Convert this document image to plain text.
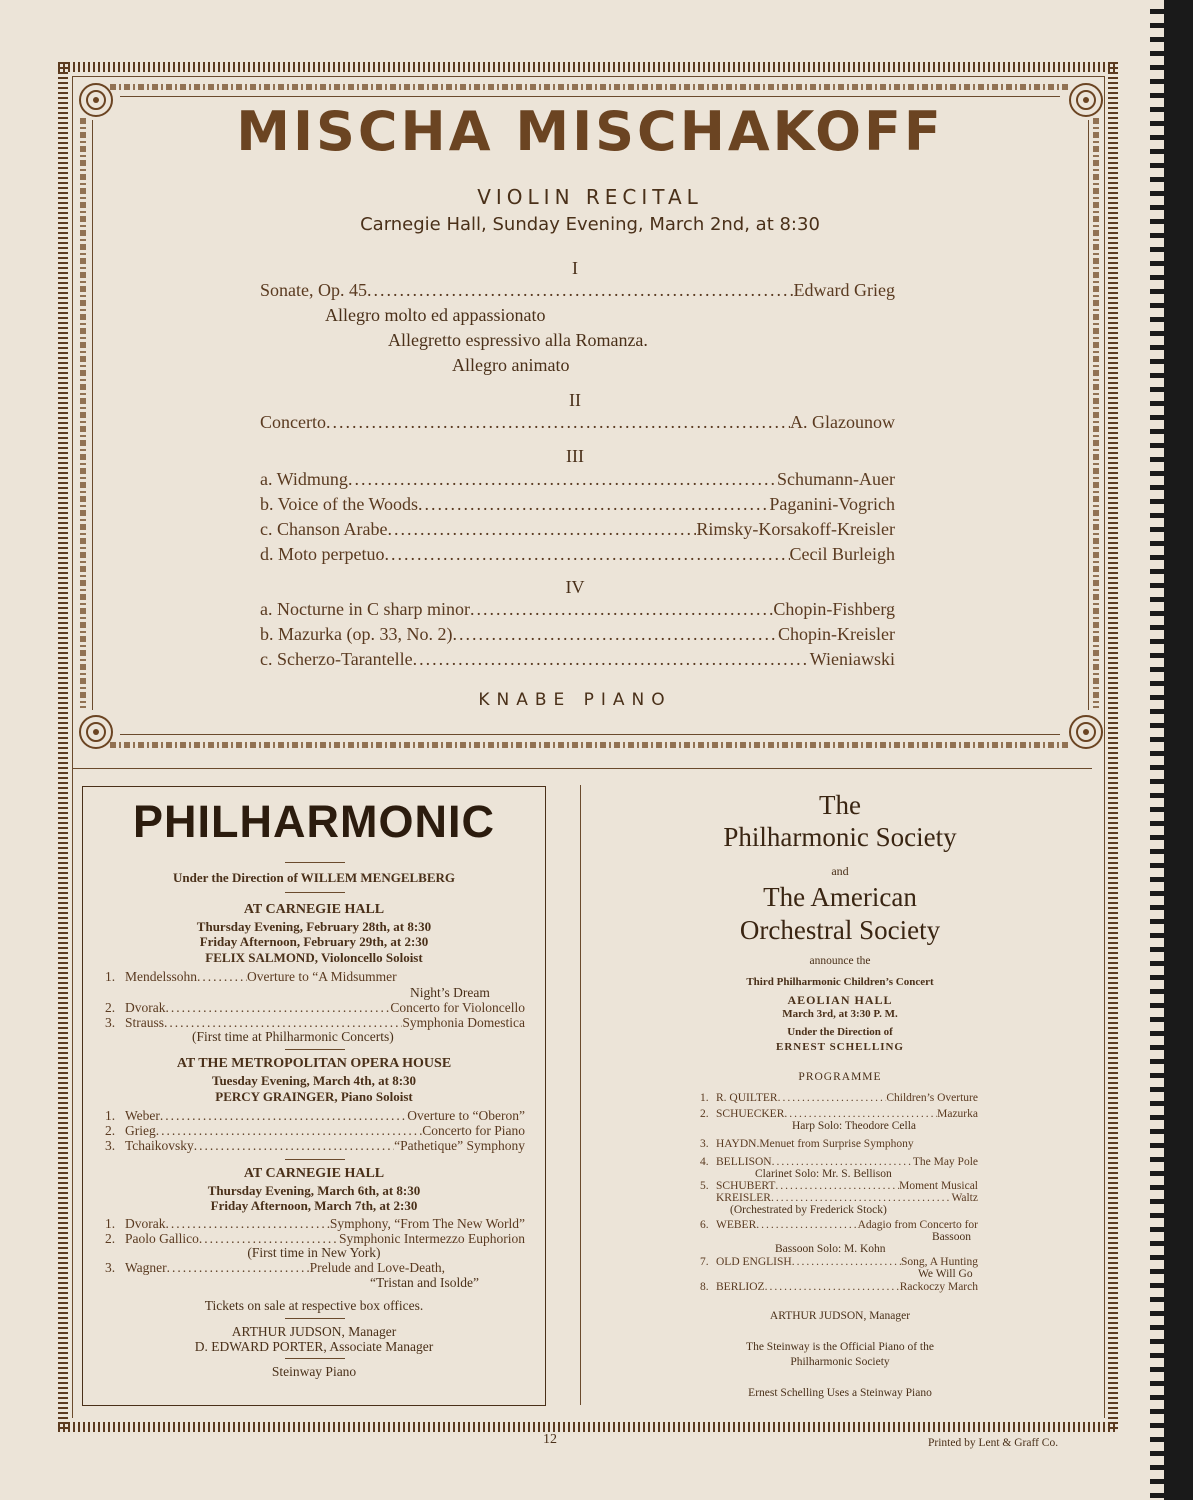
MISCHA MISCHAKOFF
VIOLIN RECITAL
Carnegie Hall, Sunday Evening, March 2nd, at 8:30
I
Sonate, Op. 45 .....	Edward Grieg
Allegro molto ed appassionato
Allegretto espressivo alla Romanza.
Allegro animato
II
Concerto .....	A. Glazounow
III
a. Widmung .....	Schumann-Auer
b. Voice of the Woods .....	Paganini-Vogrich
c. Chanson Arabe .....	Rimsky-Korsakoff-Kreisler
d. Moto perpetuo .....	Cecil Burleigh
IV
a. Nocturne in C sharp minor .....	Chopin-Fishberg
b. Mazurka (op. 33, No. 2) .....	Chopin-Kreisler
c. Scherzo-Tarantelle .....	Wieniawski
KNABE PIANO
PHILHARMONIC
Under the Direction of WILLEM MENGELBERG
AT CARNEGIE HALL
Thursday Evening, February 28th, at 8:30
Friday Afternoon, February 29th, at 2:30
FELIX SALMOND, Violoncello Soloist
1. Mendelssohn .....	Overture to “A Midsummer
Night’s Dream
2. Dvorak .....	Concerto for Violoncello
3. Strauss .....	Symphonia Domestica
(First time at Philharmonic Concerts)
AT THE METROPOLITAN OPERA HOUSE
Tuesday Evening, March 4th, at 8:30
PERCY GRAINGER, Piano Soloist
1. Weber .....	Overture to “Oberon”
2. Grieg .....	Concerto for Piano
3. Tchaikovsky .....	“Pathetique” Symphony
AT CARNEGIE HALL
Thursday Evening, March 6th, at 8:30
Friday Afternoon, March 7th, at 2:30
1. Dvorak .....	Symphony, “From The New World”
2. Paolo Gallico .....	Symphonic Intermezzo Euphorion
(First time in New York)
3. Wagner .....	Prelude and Love-Death,
“Tristan and Isolde”
Tickets on sale at respective box offices.
ARTHUR JUDSON, Manager
D. EDWARD PORTER, Associate Manager
Steinway Piano
The
Philharmonic Society
and
The American
Orchestral Society
announce the
Third Philharmonic Children’s Concert
AEOLIAN HALL
March 3rd, at 3:30 P. M.
Under the Direction of
ERNEST SCHELLING
PROGRAMME
1. R. QUILTER .....	Children’s Overture
2. SCHUECKER .....	Mazurka
Harp Solo: Theodore Cella
3. HAYDN . Menuet from Surprise Symphony
4. BELLISON .....	The May Pole
Clarinet Solo: Mr. S. Bellison
5. SCHUBERT .....	Moment Musical
KREISLER .....	Waltz
(Orchestrated by Frederick Stock)
6. WEBER .....	Adagio from Concerto for
Bassoon
Bassoon Solo: M. Kohn
7. OLD ENGLISH .....	Song, A Hunting
We Will Go
8. BERLIOZ .....	Rackoczy March
ARTHUR JUDSON, Manager
The Steinway is the Official Piano of the
Philharmonic Society
Ernest Schelling Uses a Steinway Piano
12	Printed by Lent & Graff Co.
